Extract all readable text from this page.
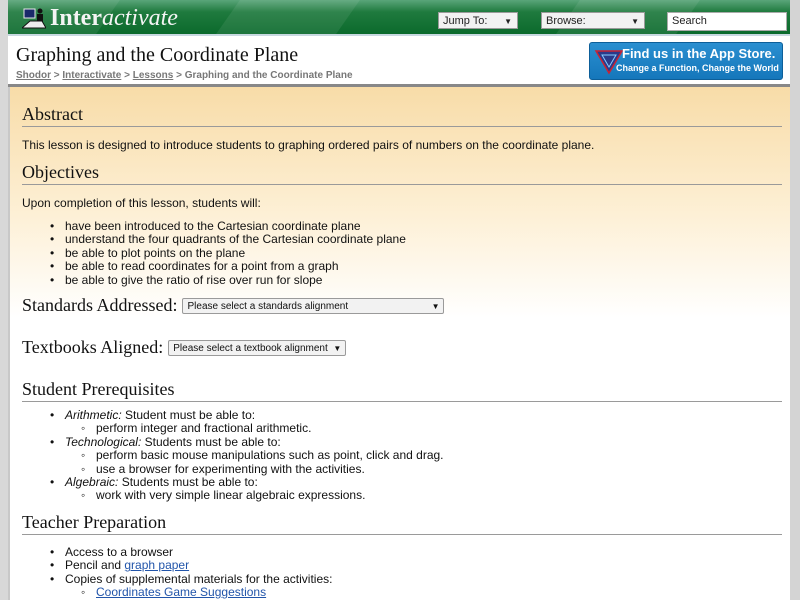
Interactivate	Jump To: ▼	Browse:	▼	Search
Graphing and the Coordinate Plane
Shodor > Interactivate > Lessons > Graphing and the Coordinate Plane
Find us in the App Store.
Change a Function, Change the World
Abstract

This lesson is designed to introduce students to graphing ordered pairs of numbers on the coordinate plane.

Objectives

Upon completion of this lesson, students will:

• have been introduced to the Cartesian coordinate plane
• understand the four quadrants of the Cartesian coordinate plane
• be able to plot points on the plane
• be able to read coordinates for a point from a graph
• be able to give the ratio of rise over run for slope
Standards Addressed:	Please select a standards alignment	▼
Textbooks Aligned:	Please select a textbook alignment ▼
Student Prerequisites
• Arithmetic: Student must be able to:
◦ perform integer and fractional arithmetic.
• Technological: Students must be able to:
◦ perform basic mouse manipulations such as point, click and drag.
◦ use a browser for experimenting with the activities.
• Algebraic: Students must be able to:
◦ work with very simple linear algebraic expressions.
Teacher Preparation
• Access to a browser
• Pencil and graph paper
• Copies of supplemental materials for the activities:
◦ Coordinates Game Suggestions
